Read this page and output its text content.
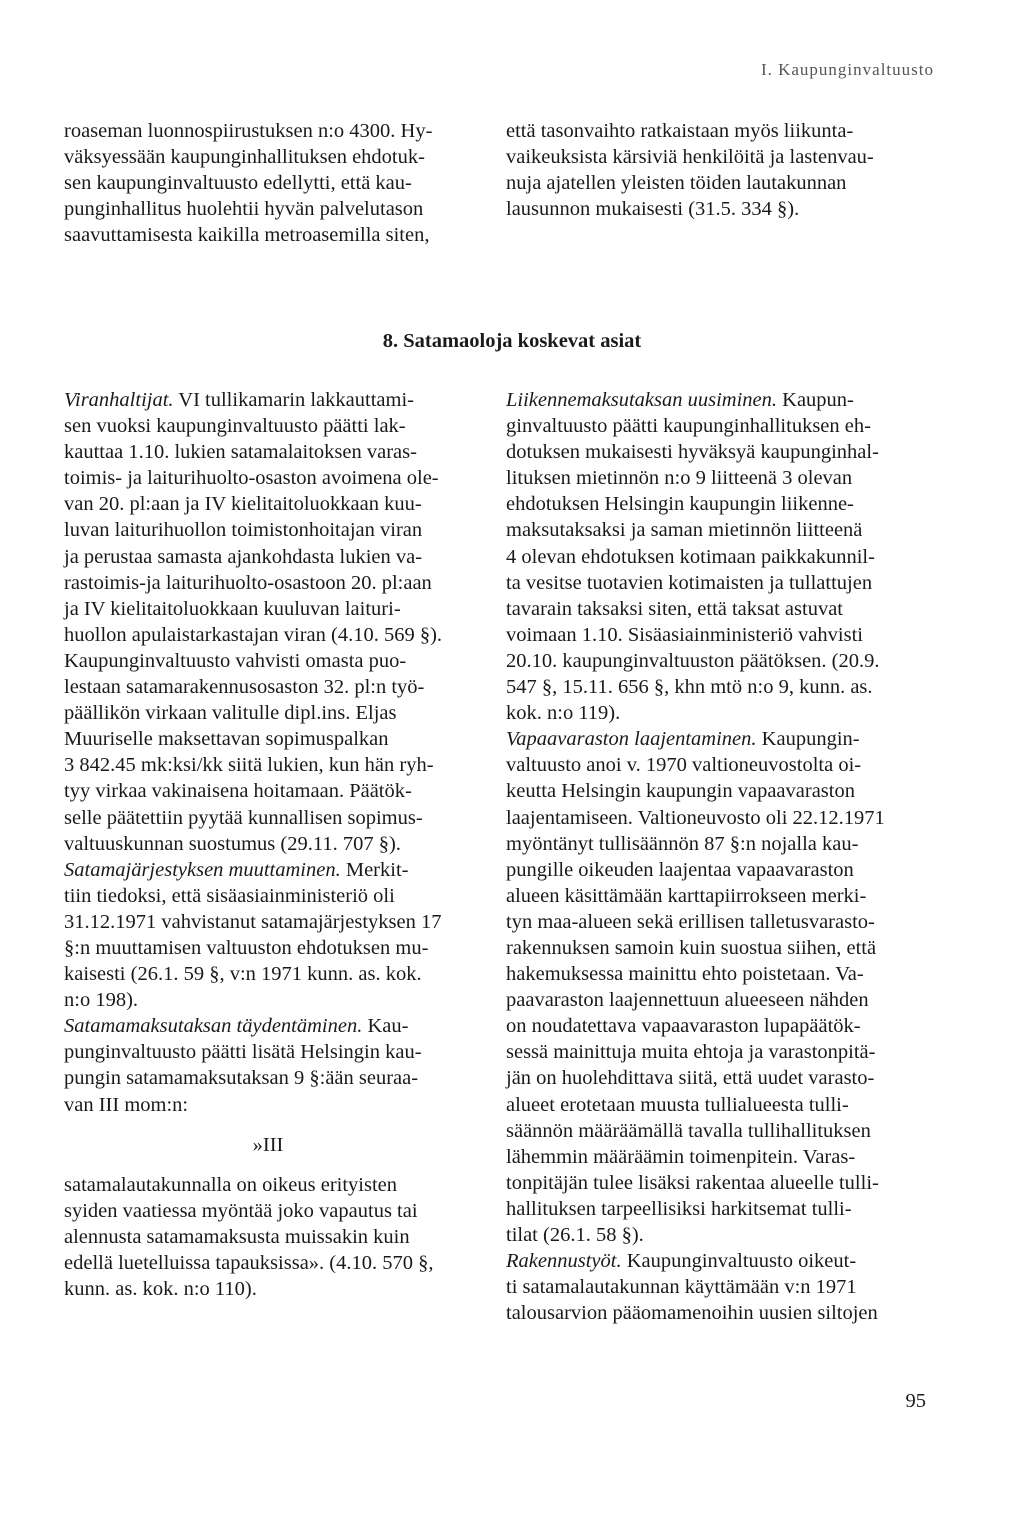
I. Kaupunginvaltuusto
roaseman luonnospiirustuksen n:o 4300. Hy-
väksyessään kaupunginhallituksen ehdotuk-
sen kaupunginvaltuusto edellytti, että kau-
punginhallitus huolehtii hyvän palvelutason
saavuttamisesta kaikilla metroasemilla siten,
että tasonvaihto ratkaistaan myös liikunta-
vaikeuksista kärsiviä henkilöitä ja lastenvau-
nuja ajatellen yleisten töiden lautakunnan
lausunnon mukaisesti (31.5. 334 §).
8. Satamaoloja koskevat asiat
Viranhaltijat. VI tullikamarin lakkauttami-
sen vuoksi kaupunginvaltuusto päätti lak-
kauttaa 1.10. lukien satamalaitoksen varas-
toimis- ja laiturihuolto-osaston avoimena ole-
van 20. pl:aan ja IV kielitaitoluokkaan kuu-
luvan laiturihuollon toimistonhoitajan viran
ja perustaa samasta ajankohdasta lukien va-
rastoimis-ja laiturihuolto-osastoon 20. pl:aan
ja IV kielitaitoluokkaan kuuluvan laituri-
huollon apulaistarkastajan viran (4.10. 569 §).
Kaupunginvaltuusto vahvisti omasta puo-
lestaan satamarakennusosaston 32. pl:n työ-
päällikön virkaan valitulle dipl.ins. Eljas
Muuriselle maksettavan sopimuspalkan
3 842.45 mk:ksi/kk siitä lukien, kun hän ryh-
tyy virkaa vakinaisena hoitamaan. Päätök-
selle päätettiin pyytää kunnallisen sopimus-
valtuuskunnan suostumus (29.11. 707 §).
Satamajärjestyksen muuttaminen. Merkit-
tiin tiedoksi, että sisäasiainministeriö oli
31.12.1971 vahvistanut satamajärjestyksen 17
§:n muuttamisen valtuuston ehdotuksen mu-
kaisesti (26.1. 59 §, v:n 1971 kunn. as. kok.
n:o 198).
Satamamaksutaksan täydentäminen. Kau-
punginvaltuusto päätti lisätä Helsingin kau-
pungin satamamaksutaksan 9 §:ään seuraa-
van III mom:n:
»III
satamalautakunnalla on oikeus erityisten
syiden vaatiessa myöntää joko vapautus tai
alennusta satamamaksusta muissakin kuin
edellä luetelluissa tapauksissa». (4.10. 570 §,
kunn. as. kok. n:o 110).
Liikennemaksutaksan uusiminen. Kaupun-
ginvaltuusto päätti kaupunginhallituksen eh-
dotuksen mukaisesti hyväksyä kaupunginhal-
lituksen mietinnön n:o 9 liitteenä 3 olevan
ehdotuksen Helsingin kaupungin liikenne-
maksutaksaksi ja saman mietinnön liitteenä
4 olevan ehdotuksen kotimaan paikkakunnil-
ta vesitse tuotavien kotimaisten ja tullattujen
tavarain taksaksi siten, että taksat astuvat
voimaan 1.10. Sisäasiainministeriö vahvisti
20.10. kaupunginvaltuuston päätöksen. (20.9.
547 §, 15.11. 656 §, khn mtö n:o 9, kunn. as.
kok. n:o 119).
Vapaavaraston laajentaminen. Kaupungin-
valtuusto anoi v. 1970 valtioneuvostolta oi-
keutta Helsingin kaupungin vapaavaraston
laajentamiseen. Valtioneuvosto oli 22.12.1971
myöntänyt tullisäännön 87 §:n nojalla kau-
pungille oikeuden laajentaa vapaavaraston
alueen käsittämään karttapiirrokseen merki-
tyn maa-alueen sekä erillisen talletusvarasto-
rakennuksen samoin kuin suostua siihen, että
hakemuksessa mainittu ehto poistetaan. Va-
paavaraston laajennettuun alueeseen nähden
on noudatettava vapaavaraston lupapäätök-
sessä mainittuja muita ehtoja ja varastonpitä-
jän on huolehdittava siitä, että uudet varasto-
alueet erotetaan muusta tullialueesta tulli-
säännön määräämällä tavalla tullihallituksen
lähemmin määräämin toimenpitein. Varas-
tonpitäjän tulee lisäksi rakentaa alueelle tulli-
hallituksen tarpeellisiksi harkitsemat tulli-
tilat (26.1. 58 §).
Rakennustyöt. Kaupunginvaltuusto oikeut-
ti satamalautakunnan käyttämään v:n 1971
talousarvion pääomamenoihin uusien siltojen
95
